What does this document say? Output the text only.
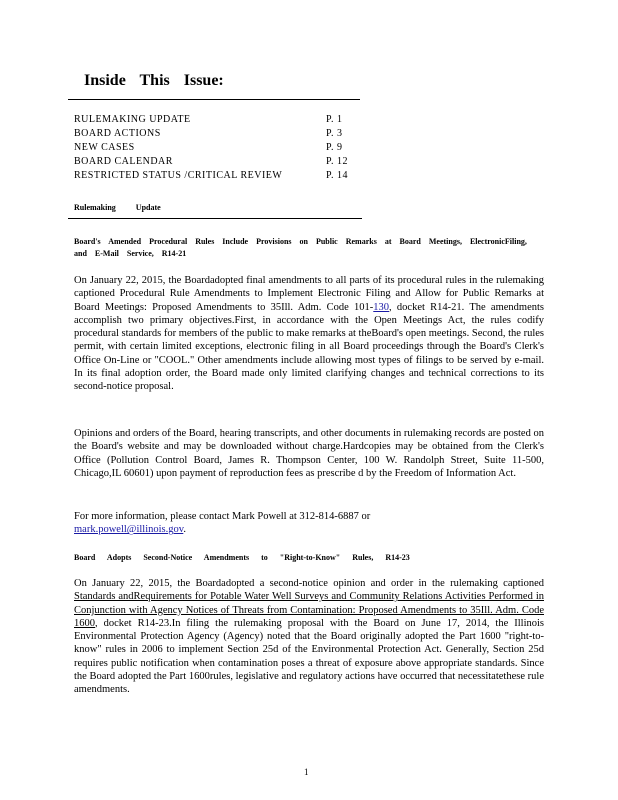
Inside This Issue:
RULEMAKING UPDATE	P. 1
BOARD ACTIONS	P. 3
NEW CASES	P. 9
BOARD CALENDAR	P. 12
RESTRICTED STATUS /CRITICAL REVIEW	P. 14
Rulemaking Update
Board's Amended Procedural Rules Include Provisions on Public Remarks at Board Meetings, ElectronicFiling, and E-Mail Service, R14-21
On January 22, 2015, the Boardadopted final amendments to all parts of its procedural rules in the rulemaking captioned Procedural Rule Amendments to Implement Electronic Filing and Allow for Public Remarks at Board Meetings: Proposed Amendments to 35Ill. Adm. Code 101-130, docket R14-21. The amendments accomplish two primary objectives.First, in accordance with the Open Meetings Act, the rules codify procedural standards for members of the public to make remarks at theBoard's open meetings. Second, the rules permit, with certain limited exceptions, electronic filing in all Board proceedings through the Board's Clerk's Office On-Line or "COOL." Other amendments include allowing most types of filings to be served by e-mail. In its final adoption order, the Board made only limited clarifying changes and technical corrections to its second-notice proposal.
Opinions and orders of the Board, hearing transcripts, and other documents in rulemaking records are posted on the Board's website and may be downloaded without charge.Hardcopies may be obtained from the Clerk's Office (Pollution Control Board, James R. Thompson Center, 100 W. Randolph Street, Suite 11-500, Chicago,IL 60601) upon payment of reproduction fees as prescribe d by the Freedom of Information Act.
For more information, please contact Mark Powell at 312-814-6887 or
mark.powell@illinois.gov.
Board Adopts Second-Notice Amendments to "Right-to-Know" Rules, R14-23
On January 22, 2015, the Boardadopted a second-notice opinion and order in the rulemaking captioned Standards andRequirements for Potable Water Well Surveys and Community Relations Activities Performed in Conjunction with Agency Notices of Threats from Contamination: Proposed Amendments to 35Ill. Adm. Code 1600, docket R14-23.In filing the rulemaking proposal with the Board on June 17, 2014, the Illinois Environmental Protection Agency (Agency) noted that the Board originally adopted the Part 1600 "right-to-know" rules in 2006 to implement Section 25d of the Environmental Protection Act. Generally, Section 25d requires public notification when contamination poses a threat of exposure above appropriate standards. Since the Board adopted the Part 1600rules, legislative and regulatory actions have occurred that necessitatethese rule amendments.
1
